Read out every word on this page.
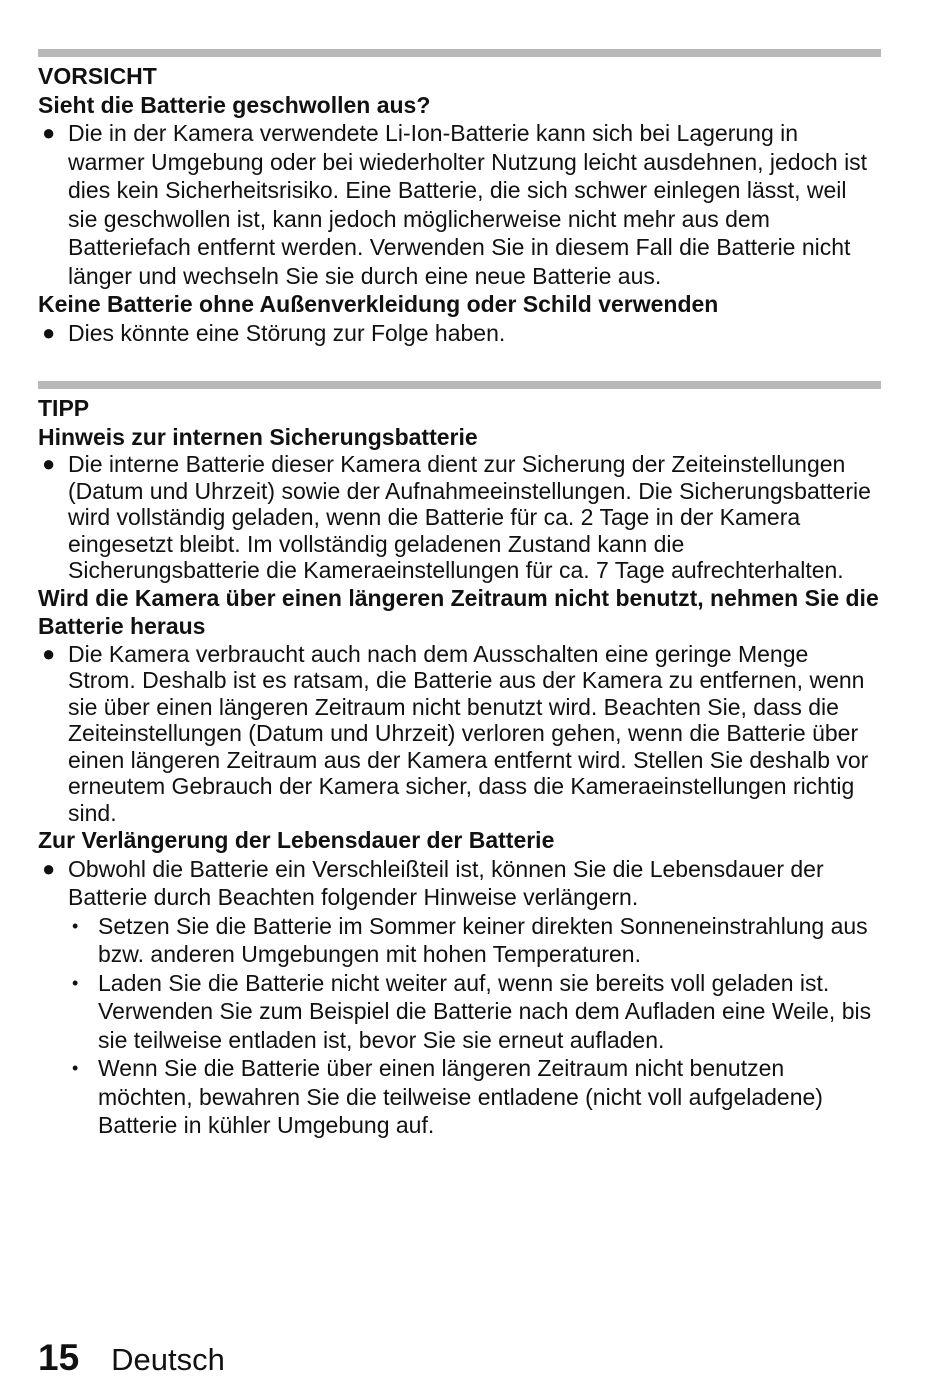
VORSICHT
Sieht die Batterie geschwollen aus?
● Die in der Kamera verwendete Li-Ion-Batterie kann sich bei Lagerung in warmer Umgebung oder bei wiederholter Nutzung leicht ausdehnen, jedoch ist dies kein Sicherheitsrisiko. Eine Batterie, die sich schwer einlegen lässt, weil sie geschwollen ist, kann jedoch möglicherweise nicht mehr aus dem Batteriefach entfernt werden. Verwenden Sie in diesem Fall die Batterie nicht länger und wechseln Sie sie durch eine neue Batterie aus.
Keine Batterie ohne Außenverkleidung oder Schild verwenden
● Dies könnte eine Störung zur Folge haben.
TIPP
Hinweis zur internen Sicherungsbatterie
● Die interne Batterie dieser Kamera dient zur Sicherung der Zeiteinstellungen (Datum und Uhrzeit) sowie der Aufnahmeeinstellungen. Die Sicherungsbatterie wird vollständig geladen, wenn die Batterie für ca. 2 Tage in der Kamera eingesetzt bleibt. Im vollständig geladenen Zustand kann die Sicherungsbatterie die Kameraeinstellungen für ca. 7 Tage aufrechterhalten.
Wird die Kamera über einen längeren Zeitraum nicht benutzt, nehmen Sie die Batterie heraus
● Die Kamera verbraucht auch nach dem Ausschalten eine geringe Menge Strom. Deshalb ist es ratsam, die Batterie aus der Kamera zu entfernen, wenn sie über einen längeren Zeitraum nicht benutzt wird. Beachten Sie, dass die Zeiteinstellungen (Datum und Uhrzeit) verloren gehen, wenn die Batterie über einen längeren Zeitraum aus der Kamera entfernt wird. Stellen Sie deshalb vor erneutem Gebrauch der Kamera sicher, dass die Kameraeinstellungen richtig sind.
Zur Verlängerung der Lebensdauer der Batterie
● Obwohl die Batterie ein Verschleißteil ist, können Sie die Lebensdauer der Batterie durch Beachten folgender Hinweise verlängern.
• Setzen Sie die Batterie im Sommer keiner direkten Sonneneinstrahlung aus bzw. anderen Umgebungen mit hohen Temperaturen.
• Laden Sie die Batterie nicht weiter auf, wenn sie bereits voll geladen ist. Verwenden Sie zum Beispiel die Batterie nach dem Aufladen eine Weile, bis sie teilweise entladen ist, bevor Sie sie erneut aufladen.
• Wenn Sie die Batterie über einen längeren Zeitraum nicht benutzen möchten, bewahren Sie die teilweise entladene (nicht voll aufgeladene) Batterie in kühler Umgebung auf.
15 Deutsch
